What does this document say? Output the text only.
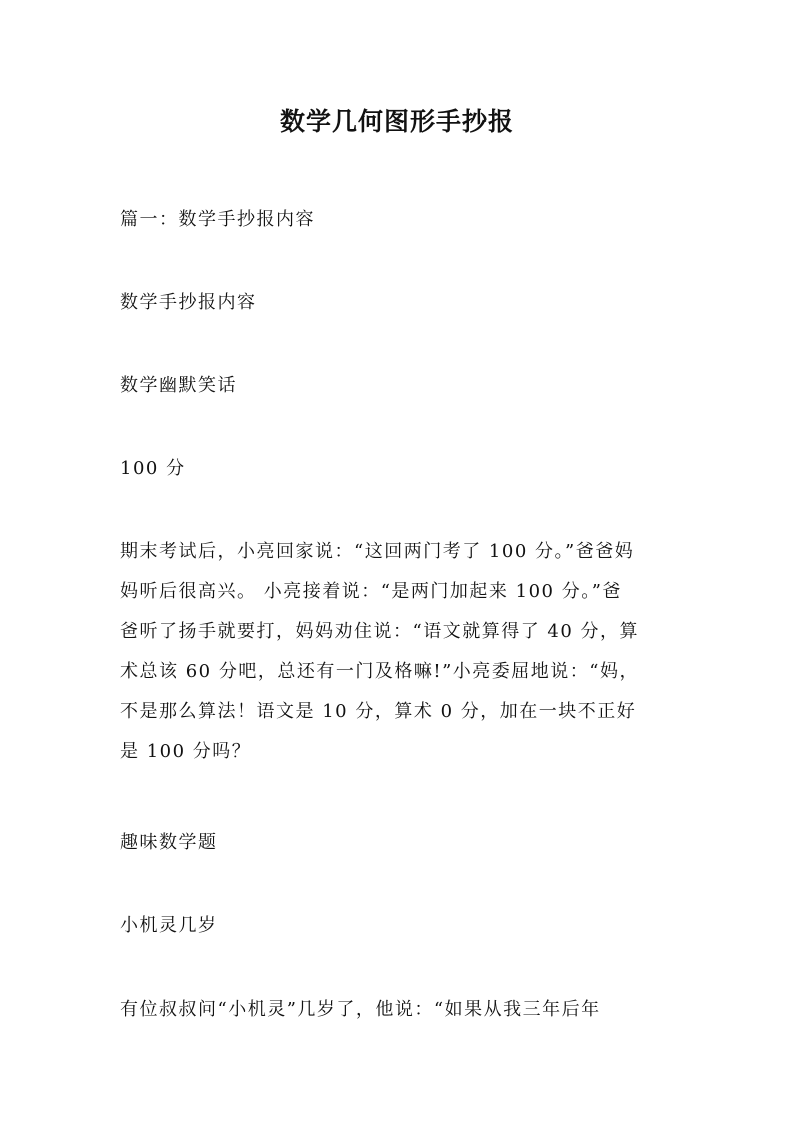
数学几何图形手抄报
篇一：数学手抄报内容
数学手抄报内容
数学幽默笑话
100 分
期末考试后，小亮回家说：“这回两门考了 100 分。”爸爸妈
妈听后很高兴。 小亮接着说：“是两门加起来 100 分。”爸
爸听了扬手就要打，妈妈劝住说：“语文就算得了 40 分，算
术总该 60 分吧，总还有一门及格嘛!”小亮委屈地说：“妈，
不是那么算法！语文是 10 分，算术 0 分，加在一块不正好
是 100 分吗？
趣味数学题
小机灵几岁
有位叔叔问“小机灵”几岁了，他说：“如果从我三年后年
